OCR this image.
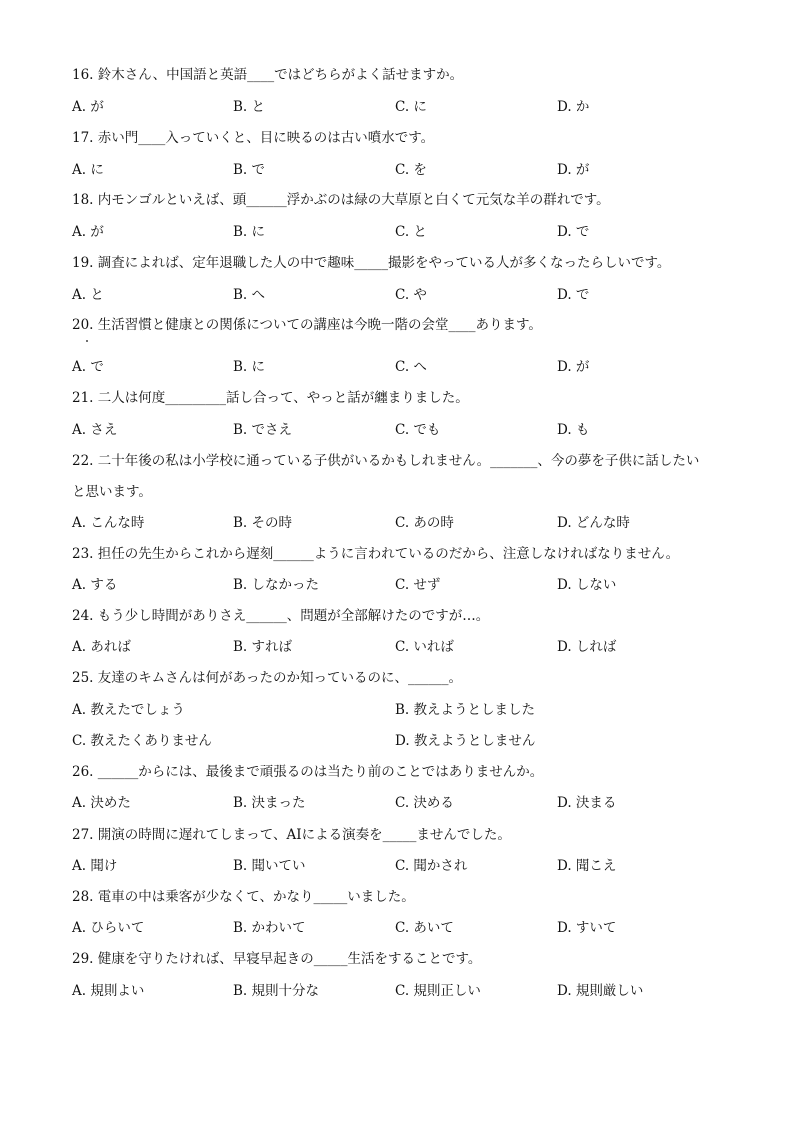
16. 鈴木さん、中国語と英語____ではどちらがよく話せますか。
A. が	B. と	C. に	D. か
17. 赤い門____入っていくと、目に映るのは古い噴水です。
A. に	B. で	C. を	D. が
18. 内モンゴルといえば、頭______浮かぶのは緑の大草原と白くて元気な羊の群れです。
A. が	B. に	C. と	D. で
19. 調査によれば、定年退職した人の中で趣味_____撮影をやっている人が多くなったらしいです。
A. と	B. へ	C. や	D. で
20. 生活習慣と健康との関係についての講座は今晩一階の会堂____あります。
A. で	B. に	C. へ	D. が
21. 二人は何度_________話し合って、やっと話が纏まりました。
A. さえ	B. でさえ	C. でも	D. も
22. 二十年後の私は小学校に通っている子供がいるかもしれません。_______、今の夢を子供に話したい
と思います。
A. こんな時	B. その時	C. あの時	D. どんな時
23. 担任の先生からこれから遅刻______ように言われているのだから、注意しなければなりません。
A. する	B. しなかった	C. せず	D. しない
24. もう少し時間がありさえ______、問題が全部解けたのですが…。
A. あれば	B. すれば	C. いれば	D. しれば
25. 友達のキムさんは何があったのか知っているのに、______。
A. 教えたでしょう	B. 教えようとしました
C. 教えたくありません	D. 教えようとしません
26. ______からには、最後まで頑張るのは当たり前のことではありませんか。
A. 決めた	B. 決まった	C. 決める	D. 決まる
27. 開演の時間に遅れてしまって、AIによる演奏を_____ませんでした。
A. 聞け	B. 聞いてい	C. 聞かされ	D. 聞こえ
28. 電車の中は乗客が少なくて、かなり_____いました。
A. ひらいて	B. かわいて	C. あいて	D. すいて
29. 健康を守りたければ、早寝早起きの_____生活をすることです。
A. 規則よい	B. 規則十分な	C. 規則正しい	D. 規則厳しい
